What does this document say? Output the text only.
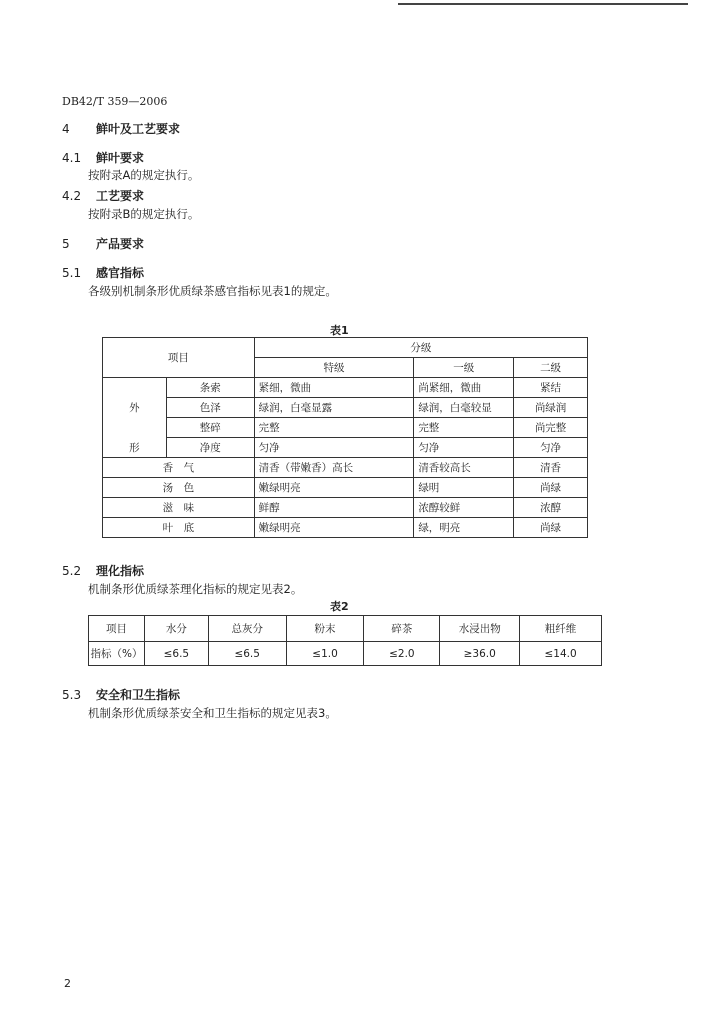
DB42/T 359—2006
4 鲜叶及工艺要求
4.1 鲜叶要求
按附录A的规定执行。
4.2 工艺要求
按附录B的规定执行。
5 产品要求
5.1 感官指标
各级别机制条形优质绿茶感官指标见表1的规定。
表1
项目		分级		
		特级	一级	二级
	条索	紧细，微曲	尚紧细，微曲	紧结
外	色泽	绿润，白毫显露	绿润，白毫较显	尚绿润
	整碎	完整	完整	尚完整
形	净度	匀净	匀净	匀净
香　气		清香（带嫩香）高长	清香较高长	清香
汤　色		嫩绿明亮	绿明	尚绿
滋　味		鲜醇	浓醇较鲜	浓醇
叶　底		嫩绿明亮	绿，明亮	尚绿
5.2 理化指标
机制条形优质绿茶理化指标的规定见表2。
表2
项目	水分	总灰分	粉末	碎茶	水浸出物	粗纤维
指标（%）	≤6.5	≤6.5	≤1.0	≤2.0	≥36.0	≤14.0
5.3 安全和卫生指标
机制条形优质绿茶安全和卫生指标的规定见表3。
2
